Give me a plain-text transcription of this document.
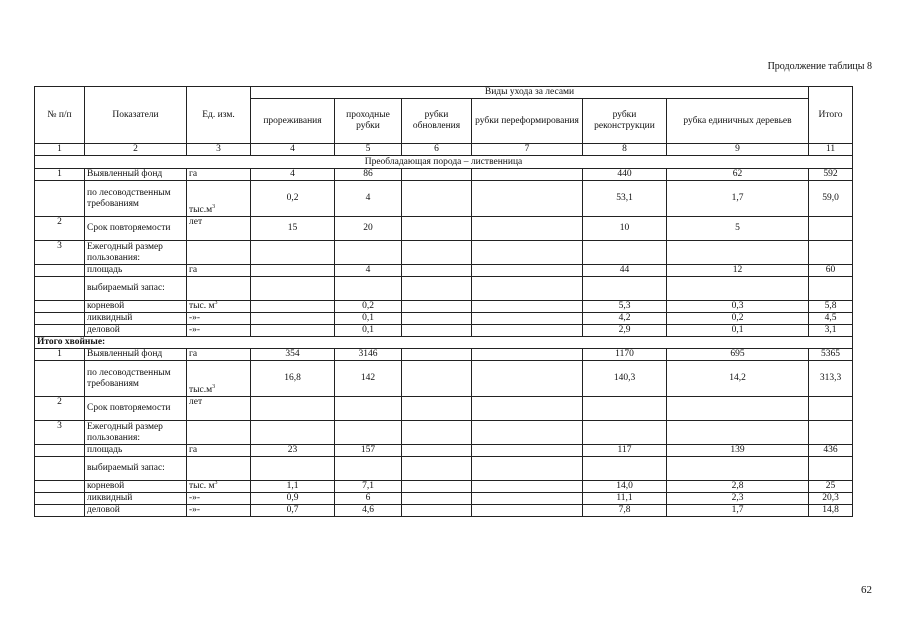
Продолжение таблицы 8
№ п/п	Показатели	Ед. изм.	Виды ухода за лесами						Итого
			прореживания	проходные рубки	рубки обновления	рубки переформирования	рубки реконструкции	рубка единичных деревьев	
1	2	3	4	5	6	7	8	9	11
Преобладающая порода – лиственница									
1	Выявленный фонд	га	4	86			440	62	592
	по лесоводственным требованиям	$тыс.м^3$	0,2	4			53,1	1,7	59,0
2	Срок повторяемости	лет	15	20			10	5	
3	Ежегодный размер пользования:								
	площадь	га		4			44	12	60
	выбираемый запас:								
	корневой	тыс. $м^3$		0,2			5,3	0,3	5,8
	ликвидный	-»-		0,1			4,2	0,2	4,5
	деловой	-»-		0,1			2,9	0,1	3,1
Итого хвойные:									
1	Выявленный фонд	га	354	3146			1170	695	5365
	по лесоводственным требованиям	$тыс.м^3$	16,8	142			140,3	14,2	313,3
2	Срок повторяемости	лет							
3	Ежегодный размер пользования:								
	площадь	га	23	157			117	139	436
	выбираемый запас:								
	корневой	тыс. $м^3$	1,1	7,1			14,0	2,8	25
	ликвидный	-»-	0,9	6			11,1	2,3	20,3
	деловой	-»-	0,7	4,6			7,8	1,7	14,8
62
